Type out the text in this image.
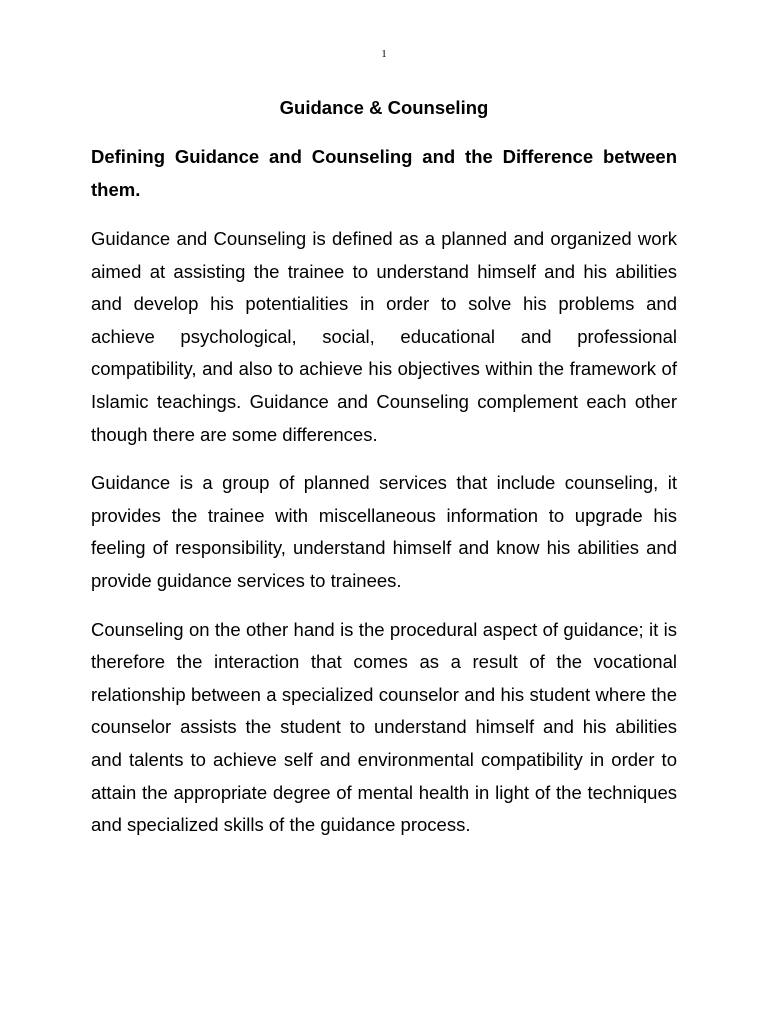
1
Guidance & Counseling
Defining Guidance and Counseling and the Difference between them.

Guidance and Counseling is defined as a planned and organized work aimed at assisting the trainee to understand himself and his abilities and develop his potentialities in order to solve his problems and achieve psychological, social, educational and professional compatibility, and also to achieve his objectives within the framework of Islamic teachings. Guidance and Counseling complement each other though there are some differences.

Guidance is a group of planned services that include counseling, it provides the trainee with miscellaneous information to upgrade his feeling of responsibility, understand himself and know his abilities and provide guidance services to trainees.

Counseling on the other hand is the procedural aspect of guidance; it is therefore the interaction that comes as a result of the vocational relationship between a specialized counselor and his student where the counselor assists the student to understand himself and his abilities and talents to achieve self and environmental compatibility in order to attain the appropriate degree of mental health in light of the techniques and specialized skills of the guidance process.
